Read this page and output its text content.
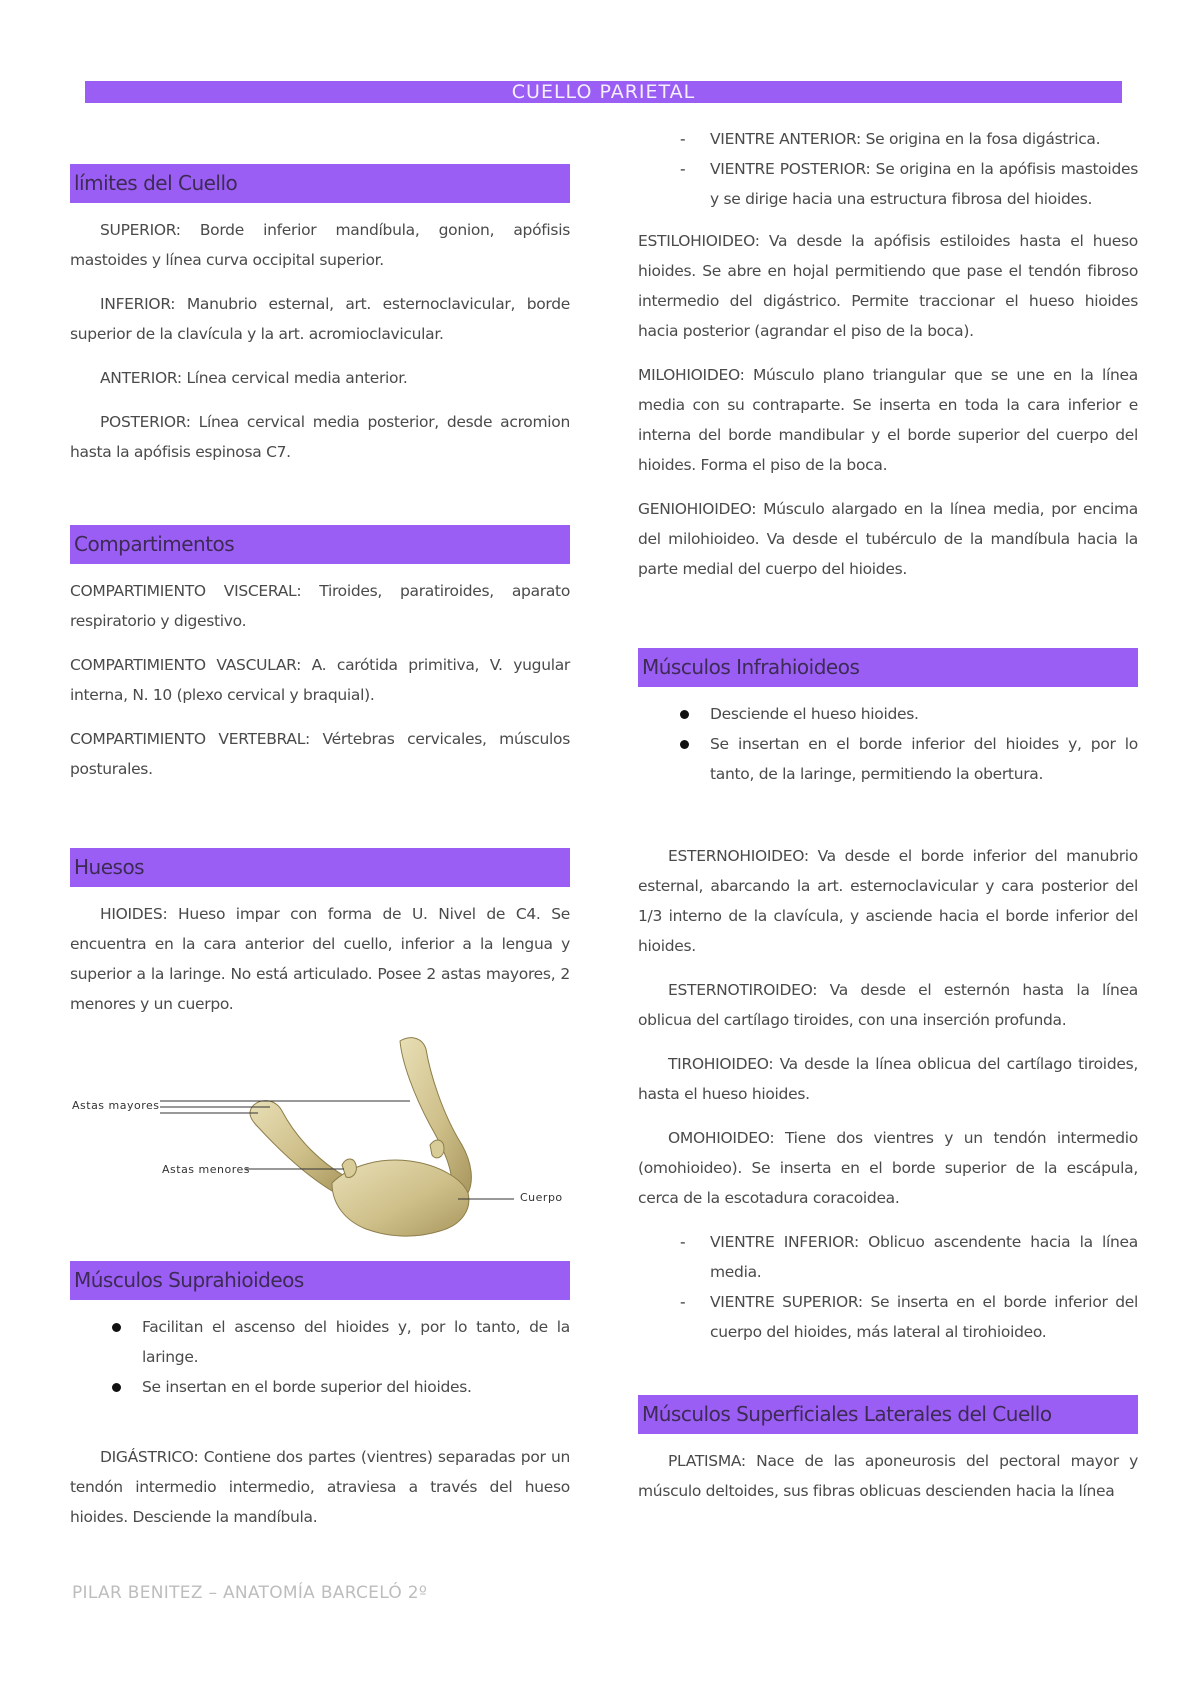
CUELLO PARIETAL
límites del Cuello

SUPERIOR: Borde inferior mandíbula, gonion, apófisis mastoides y línea curva occipital superior.

INFERIOR: Manubrio esternal, art. esternoclavicular, borde superior de la clavícula y la art. acromioclavicular.

ANTERIOR: Línea cervical media anterior.

POSTERIOR: Línea cervical media posterior, desde acromion hasta la apófisis espinosa C7.

Compartimentos

COMPARTIMIENTO VISCERAL: Tiroides, paratiroides, aparato respiratorio y digestivo.

COMPARTIMIENTO VASCULAR: A. carótida primitiva, V. yugular interna, N. 10 (plexo cervical y braquial).

COMPARTIMIENTO VERTEBRAL: Vértebras cervicales, músculos posturales.

Huesos

HIOIDES: Hueso impar con forma de U. Nivel de C4. Se encuentra en la cara anterior del cuello, inferior a la lengua y superior a la laringe. No está articulado. Posee 2 astas mayores, 2 menores y un cuerpo.

Astas mayores
Astas menores
Cuerpo
Músculos Suprahioideos
Facilitan el ascenso del hioides y, por lo tanto, de la laringe.
Se insertan en el borde superior del hioides.

DIGÁSTRICO: Contiene dos partes (vientres) separadas por un tendón intermedio intermedio, atraviesa a través del hueso hioides. Desciende la mandíbula.

- VIENTRE ANTERIOR: Se origina en la fosa digástrica.
- VIENTRE POSTERIOR: Se origina en la apófisis mastoides y se dirige hacia una estructura fibrosa del hioides.

ESTILOHIOIDEO: Va desde la apófisis estiloides hasta el hueso hioides. Se abre en hojal permitiendo que pase el tendón fibroso intermedio del digástrico. Permite traccionar el hueso hioides hacia posterior (agrandar el piso de la boca).

MILOHIOIDEO: Músculo plano triangular que se une en la línea media con su contraparte. Se inserta en toda la cara inferior e interna del borde mandibular y el borde superior del cuerpo del hioides. Forma el piso de la boca.

GENIOHIOIDEO: Músculo alargado en la línea media, por encima del milohioideo. Va desde el tubérculo de la mandíbula hacia la parte medial del cuerpo del hioides.

Músculos Infrahioideos
Desciende el hueso hioides.
Se insertan en el borde inferior del hioides y, por lo tanto, de la laringe, permitiendo la obertura.

ESTERNOHIOIDEO: Va desde el borde inferior del manubrio esternal, abarcando la art. esternoclavicular y cara posterior del 1/3 interno de la clavícula, y asciende hacia el borde inferior del hioides.

ESTERNOTIROIDEO: Va desde el esternón hasta la línea oblicua del cartílago tiroides, con una inserción profunda.

TIROHIOIDEO: Va desde la línea oblicua del cartílago tiroides, hasta el hueso hioides.

OMOHIOIDEO: Tiene dos vientres y un tendón intermedio (omohioideo). Se inserta en el borde superior de la escápula, cerca de la escotadura coracoidea.

- VIENTRE INFERIOR: Oblicuo ascendente hacia la línea media.
- VIENTRE SUPERIOR: Se inserta en el borde inferior del cuerpo del hioides, más lateral al tirohioideo.
Músculos Superficiales Laterales del Cuello

PLATISMA: Nace de las aponeurosis del pectoral mayor y músculo deltoides, sus fibras oblicuas descienden hacia la línea

PILAR BENITEZ – ANATOMÍA BARCELÓ 2º
